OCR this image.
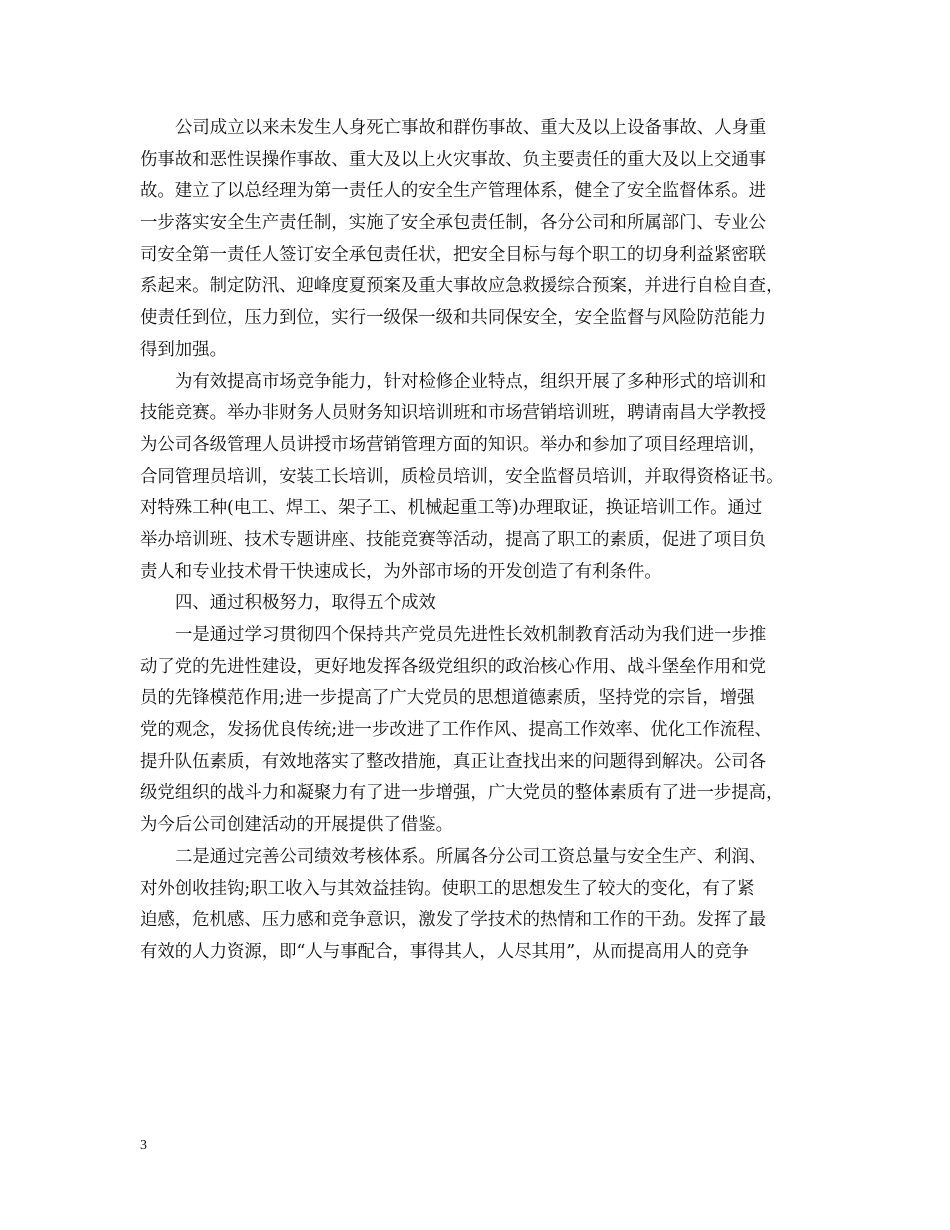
公司成立以来未发生人身死亡事故和群伤事故、重大及以上设备事故、人身重
伤事故和恶性误操作事故、重大及以上火灾事故、负主要责任的重大及以上交通事
故。建立了以总经理为第一责任人的安全生产管理体系，健全了安全监督体系。进
一步落实安全生产责任制，实施了安全承包责任制，各分公司和所属部门、专业公
司安全第一责任人签订安全承包责任状，把安全目标与每个职工的切身利益紧密联
系起来。制定防汛、迎峰度夏预案及重大事故应急救援综合预案，并进行自检自查，
使责任到位，压力到位，实行一级保一级和共同保安全，安全监督与风险防范能力
得到加强。
为有效提高市场竞争能力，针对检修企业特点，组织开展了多种形式的培训和
技能竞赛。举办非财务人员财务知识培训班和市场营销培训班，聘请南昌大学教授
为公司各级管理人员讲授市场营销管理方面的知识。举办和参加了项目经理培训，
合同管理员培训，安装工长培训，质检员培训，安全监督员培训，并取得资格证书。
对特殊工种(电工、焊工、架子工、机械起重工等)办理取证，换证培训工作。通过
举办培训班、技术专题讲座、技能竞赛等活动，提高了职工的素质，促进了项目负
责人和专业技术骨干快速成长，为外部市场的开发创造了有利条件。
四、通过积极努力，取得五个成效
一是通过学习贯彻四个保持共产党员先进性长效机制教育活动为我们进一步推
动了党的先进性建设，更好地发挥各级党组织的政治核心作用、战斗堡垒作用和党
员的先锋模范作用;进一步提高了广大党员的思想道德素质，坚持党的宗旨，增强
党的观念，发扬优良传统;进一步改进了工作作风、提高工作效率、优化工作流程、
提升队伍素质，有效地落实了整改措施，真正让查找出来的问题得到解决。公司各
级党组织的战斗力和凝聚力有了进一步增强，广大党员的整体素质有了进一步提高，
为今后公司创建活动的开展提供了借鉴。
二是通过完善公司绩效考核体系。所属各分公司工资总量与安全生产、利润、
对外创收挂钩;职工收入与其效益挂钩。使职工的思想发生了较大的变化，有了紧
迫感，危机感、压力感和竞争意识，激发了学技术的热情和工作的干劲。发挥了最
有效的人力资源，即“人与事配合，事得其人，人尽其用”，从而提高用人的竞争
3
